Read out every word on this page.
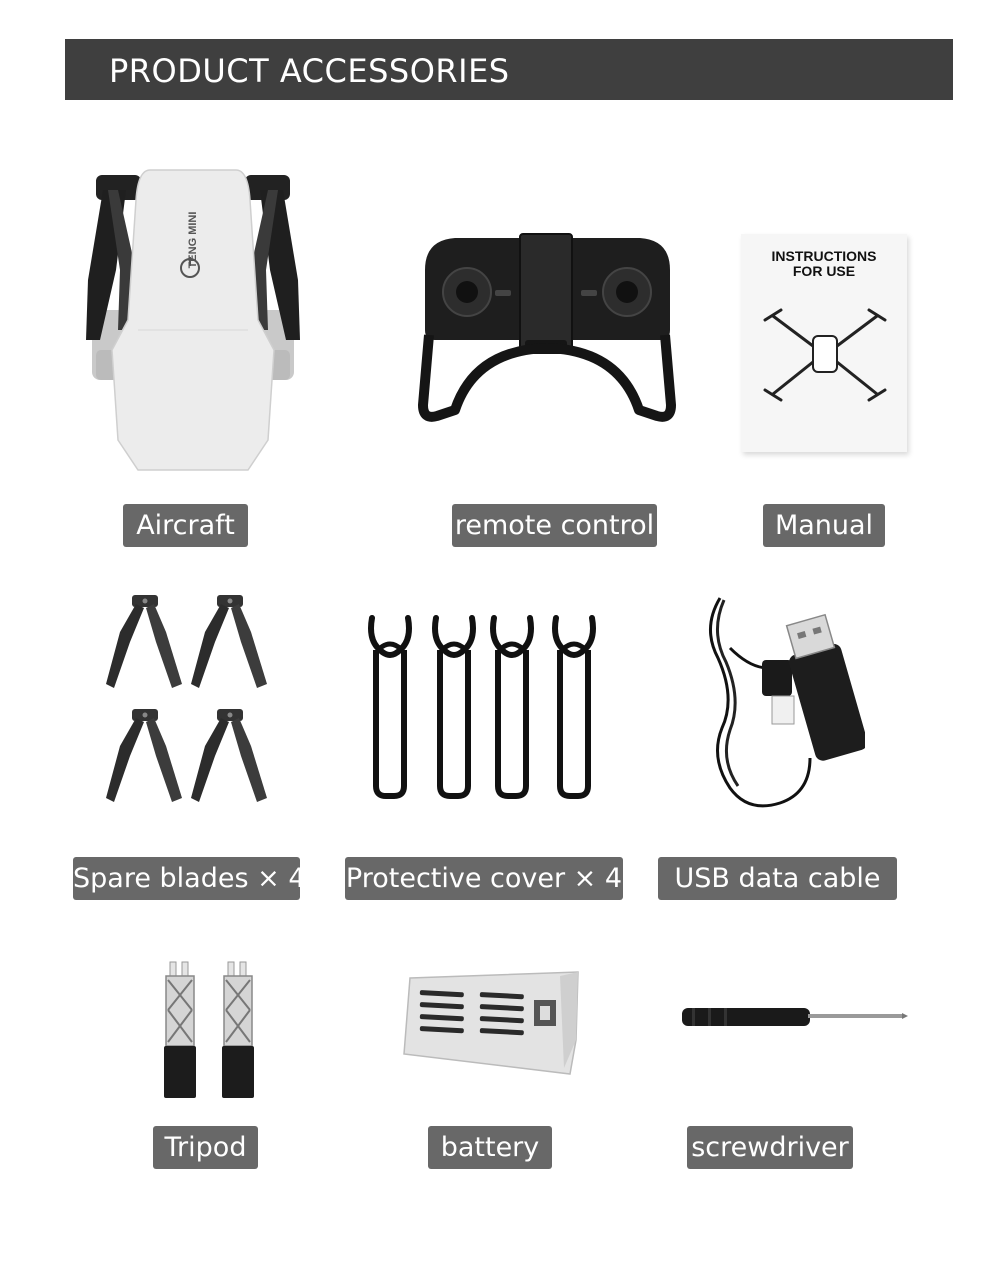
PRODUCT ACCESSORIES
TENG MINI
Aircraft	remote control
INSTRUCTIONS FOR USE
Manual
Spare blades × 4 Protective cover × 4	USB data cable
Tripod	battery	screwdriver
